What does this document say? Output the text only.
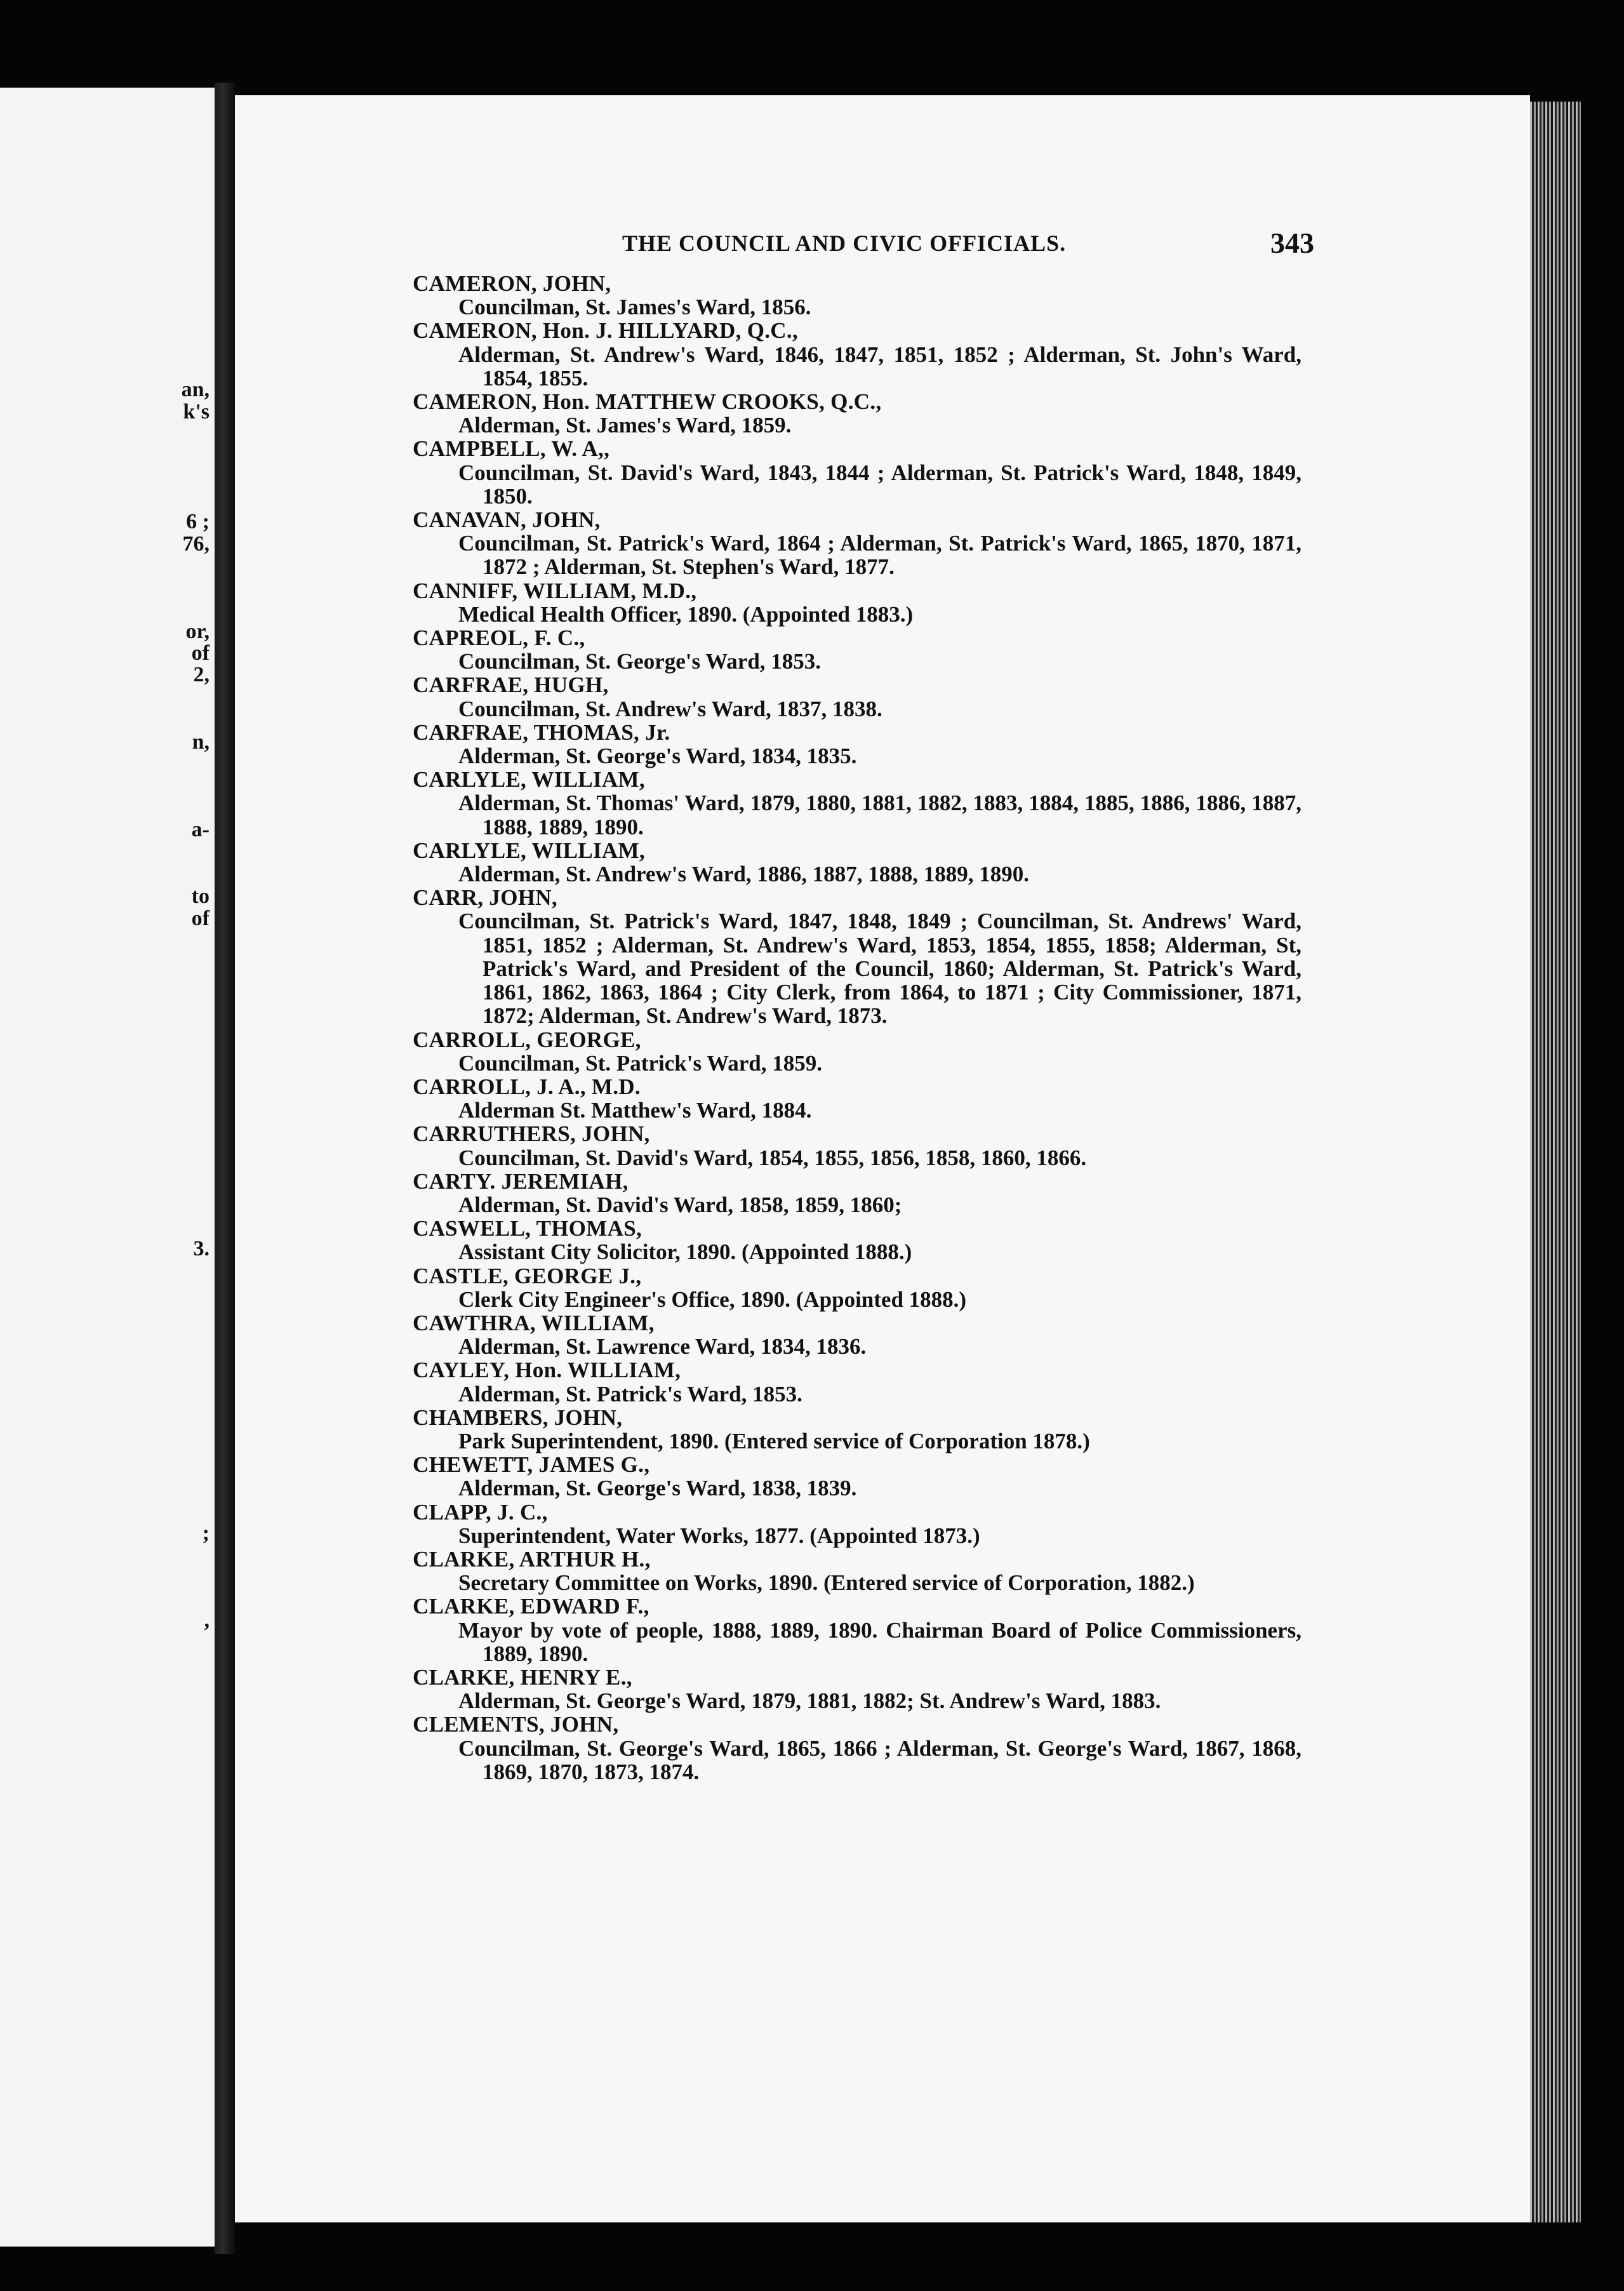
an,
k's
6 ;
76,
or,
of
2,
n,
a-
to
of
3.
;
,
THE COUNCIL AND CIVIC OFFICIALS.	343
CAMERON, JOHN,
Councilman, St. James's Ward, 1856.
CAMERON, Hon. J. HILLYARD, Q.C.,
Alderman, St. Andrew's Ward, 1846, 1847, 1851, 1852 ; Alderman, St. John's Ward, 1854, 1855.
CAMERON, Hon. MATTHEW CROOKS, Q.C.,
Alderman, St. James's Ward, 1859.
CAMPBELL, W. A,,
Councilman, St. David's Ward, 1843, 1844 ; Alderman, St. Patrick's Ward, 1848, 1849, 1850.
CANAVAN, JOHN,
Councilman, St. Patrick's Ward, 1864 ; Alderman, St. Patrick's Ward, 1865, 1870, 1871, 1872 ; Alderman, St. Stephen's Ward, 1877.
CANNIFF, WILLIAM, M.D.,
Medical Health Officer, 1890. (Appointed 1883.)
CAPREOL, F. C.,
Councilman, St. George's Ward, 1853.
CARFRAE, HUGH,
Councilman, St. Andrew's Ward, 1837, 1838.
CARFRAE, THOMAS, Jr.
Alderman, St. George's Ward, 1834, 1835.
CARLYLE, WILLIAM,
Alderman, St. Thomas' Ward, 1879, 1880, 1881, 1882, 1883, 1884, 1885, 1886, 1886, 1887, 1888, 1889, 1890.
CARLYLE, WILLIAM,
Alderman, St. Andrew's Ward, 1886, 1887, 1888, 1889, 1890.
CARR, JOHN,
Councilman, St. Patrick's Ward, 1847, 1848, 1849 ; Councilman, St. Andrews' Ward, 1851, 1852 ; Alderman, St. Andrew's Ward, 1853, 1854, 1855, 1858; Alderman, St, Patrick's Ward, and President of the Council, 1860; Alderman, St. Patrick's Ward, 1861, 1862, 1863, 1864 ; City Clerk, from 1864, to 1871 ; City Commissioner, 1871, 1872; Alderman, St. Andrew's Ward, 1873.
CARROLL, GEORGE,
Councilman, St. Patrick's Ward, 1859.
CARROLL, J. A., M.D.
Alderman St. Matthew's Ward, 1884.
CARRUTHERS, JOHN,
Councilman, St. David's Ward, 1854, 1855, 1856, 1858, 1860, 1866.
CARTY. JEREMIAH,
Alderman, St. David's Ward, 1858, 1859, 1860;
CASWELL, THOMAS,
Assistant City Solicitor, 1890. (Appointed 1888.)
CASTLE, GEORGE J.,
Clerk City Engineer's Office, 1890. (Appointed 1888.)
CAWTHRA, WILLIAM,
Alderman, St. Lawrence Ward, 1834, 1836.
CAYLEY, Hon. WILLIAM,
Alderman, St. Patrick's Ward, 1853.
CHAMBERS, JOHN,
Park Superintendent, 1890. (Entered service of Corporation 1878.)
CHEWETT, JAMES G.,
Alderman, St. George's Ward, 1838, 1839.
CLAPP, J. C.,
Superintendent, Water Works, 1877. (Appointed 1873.)
CLARKE, ARTHUR H.,
Secretary Committee on Works, 1890. (Entered service of Corporation, 1882.)
CLARKE, EDWARD F.,
Mayor by vote of people, 1888, 1889, 1890. Chairman Board of Police Commissioners, 1889, 1890.
CLARKE, HENRY E.,
Alderman, St. George's Ward, 1879, 1881, 1882; St. Andrew's Ward, 1883.
CLEMENTS, JOHN,
Councilman, St. George's Ward, 1865, 1866 ; Alderman, St. George's Ward, 1867, 1868, 1869, 1870, 1873, 1874.
